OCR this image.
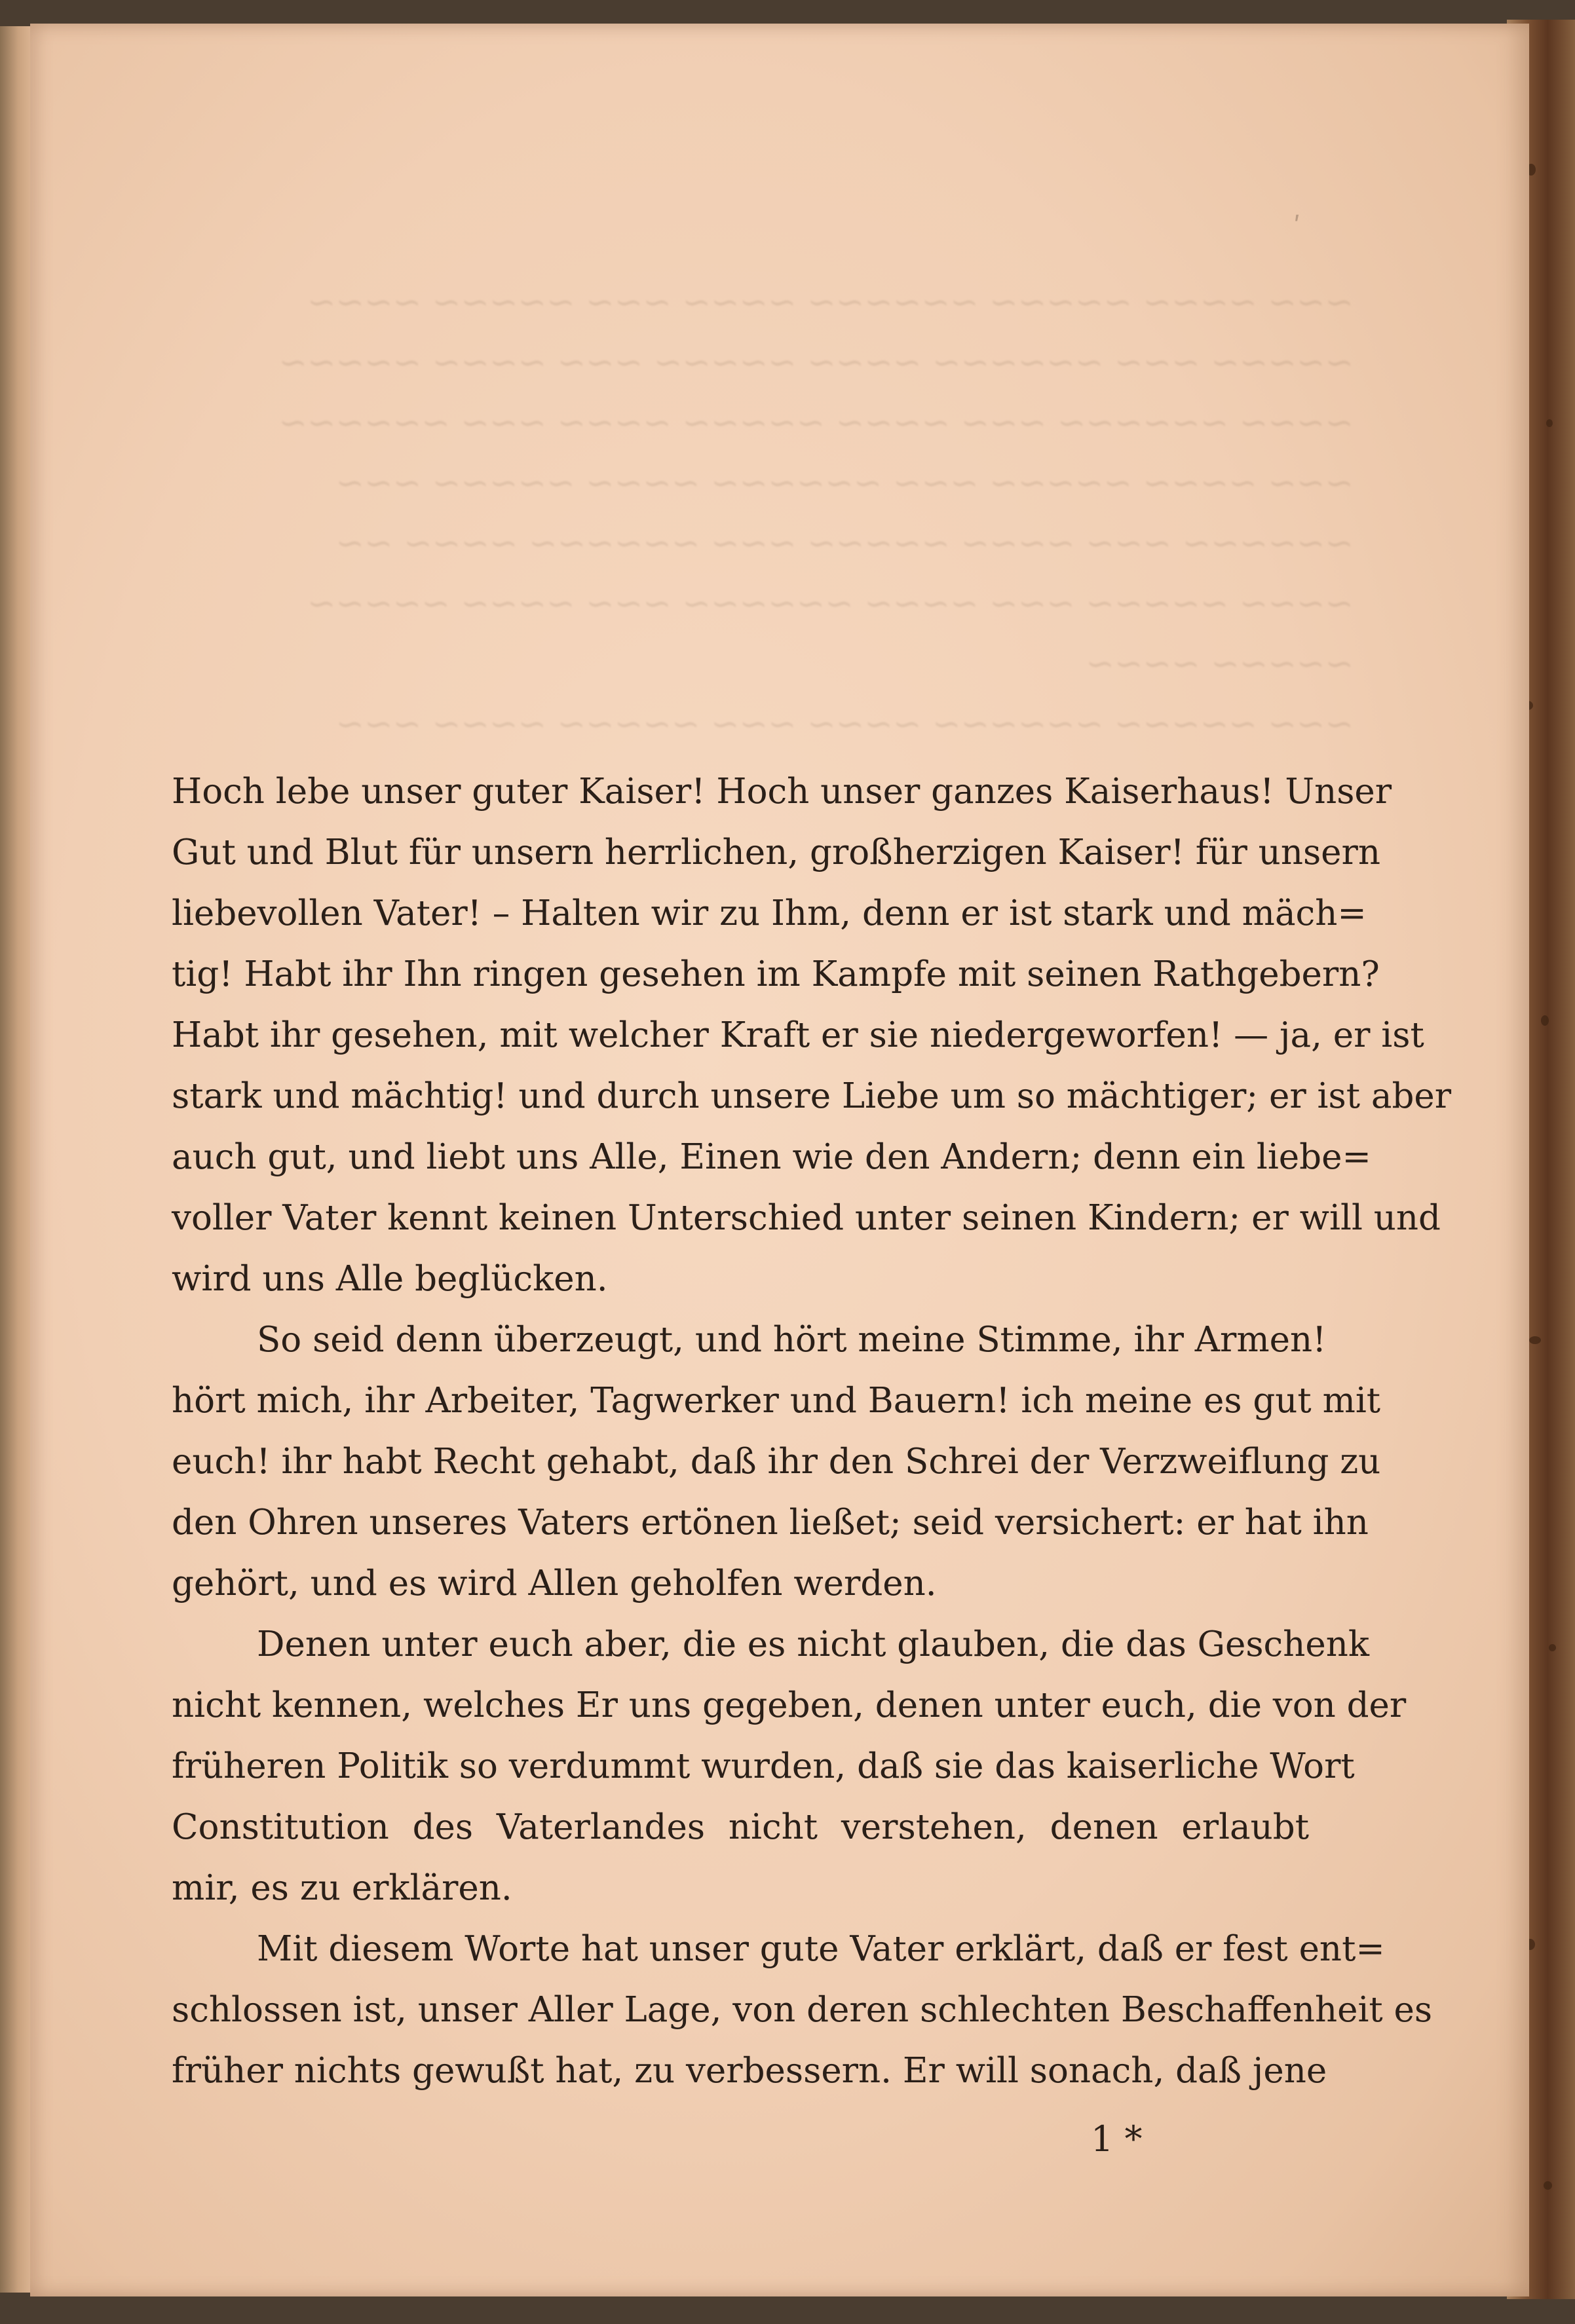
~~~ ~~~~ ~~~~~ ~~~~~~ ~~~~ ~~~ ~~~~~ ~~~~
~~~~~ ~~~ ~~~~~~ ~~~~ ~~~~~ ~~~ ~~~~ ~~~~~
~~~~ ~~~~~~ ~~~ ~~~~ ~~~~~ ~~~~ ~~~ ~~~~~~
~~~ ~~~~ ~~~~~ ~~~ ~~~~~~ ~~~~ ~~~~~ ~~~
~~~~~~ ~~~ ~~~~ ~~~~~ ~~~ ~~~~~~ ~~~~ ~~
~~~~ ~~~~~ ~~~ ~~~~ ~~~~~~ ~~~ ~~~~ ~~~~~
~~~~~ ~~~~
~~~ ~~~~~ ~~~~~~ ~~~~ ~~~ ~~~~~ ~~~~ ~~~
ʹ

Hoch lebe unser guter Kaiser! Hoch unser ganzes Kaiserhaus! Unser
Gut und Blut für unsern herrlichen, großherzigen Kaiser! für unsern
liebevollen Vater! – Halten wir zu Ihm, denn er ist stark und mäch=
tig! Habt ihr Ihn ringen gesehen im Kampfe mit seinen Rathgebern?
Habt ihr gesehen, mit welcher Kraft er sie niedergeworfen! — ja, er ist
stark und mächtig! und durch unsere Liebe um so mächtiger; er ist aber
auch gut, und liebt uns Alle, Einen wie den Andern; denn ein liebe=
voller Vater kennt keinen Unterschied unter seinen Kindern; er will und
wird uns Alle beglücken.

So seid denn überzeugt, und hört meine Stimme, ihr Armen!
hört mich, ihr Arbeiter, Tagwerker und Bauern! ich meine es gut mit
euch! ihr habt Recht gehabt, daß ihr den Schrei der Verzweiflung zu
den Ohren unseres Vaters ertönen ließet; seid versichert: er hat ihn
gehört, und es wird Allen geholfen werden.

Denen unter euch aber, die es nicht glauben, die das Geschenk
nicht kennen, welches Er uns gegeben, denen unter euch, die von der
früheren Politik so verdummt wurden, daß sie das kaiserliche Wort
Constitution des Vaterlandes nicht verstehen, denen erlaubt
mir, es zu erklären.

Mit diesem Worte hat unser gute Vater erklärt, daß er fest ent=
schlossen ist, unser Aller Lage, von deren schlechten Beschaffenheit es
früher nichts gewußt hat, zu verbessern. Er will sonach, daß jene

1 *
